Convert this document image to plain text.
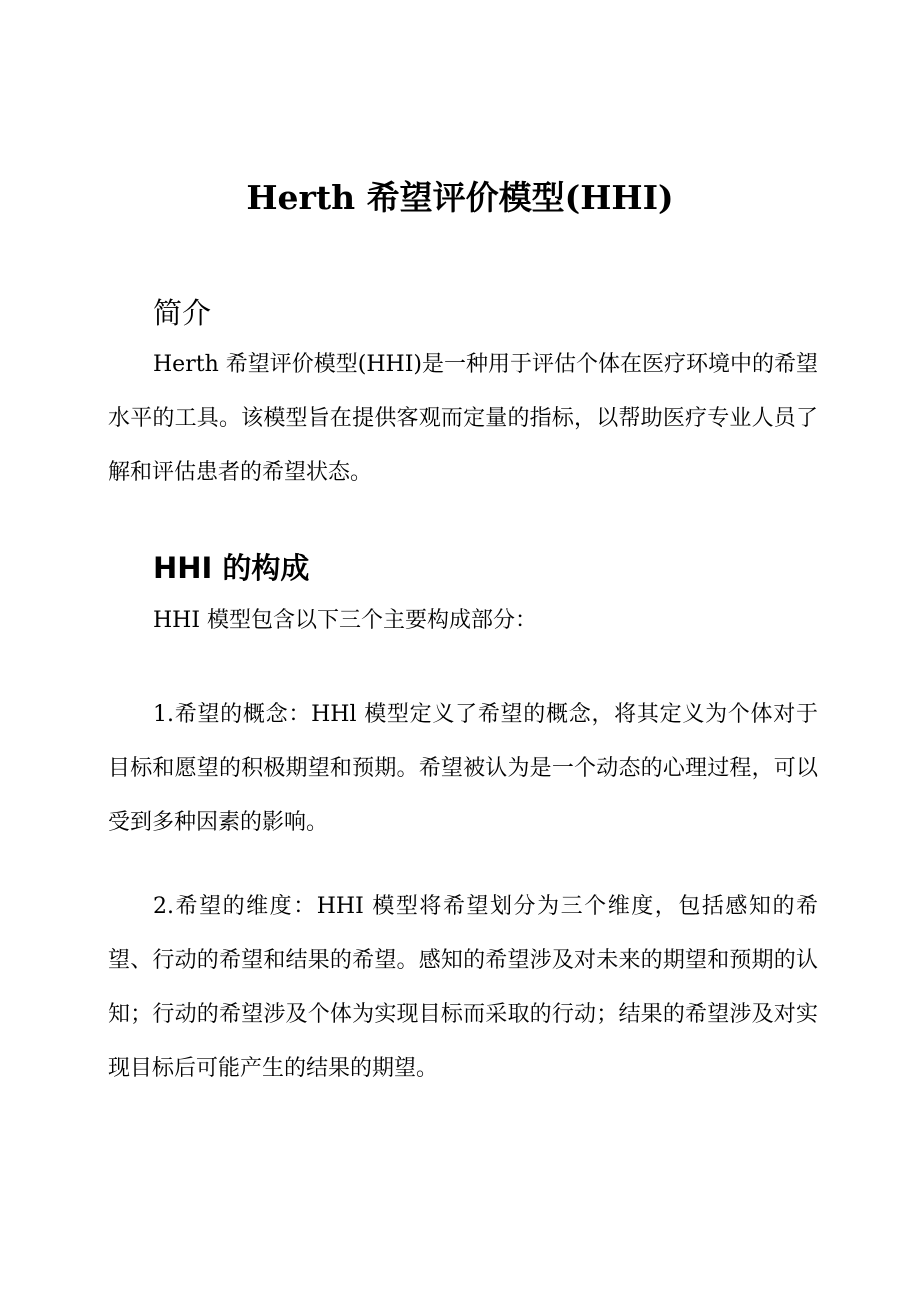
Herth 希望评价模型(HHI)
简介

Herth 希望评价模型(HHI)是一种用于评估个体在医疗环境中的希望水平的工具。该模型旨在提供客观而定量的指标，以帮助医疗专业人员了解和评估患者的希望状态。

HHI 的构成

HHI 模型包含以下三个主要构成部分：

1.希望的概念：HHl 模型定义了希望的概念，将其定义为个体对于目标和愿望的积极期望和预期。希望被认为是一个动态的心理过程，可以受到多种因素的影响。

2.希望的维度：HHI 模型将希望划分为三个维度，包括感知的希望、行动的希望和结果的希望。感知的希望涉及对未来的期望和预期的认知；行动的希望涉及个体为实现目标而采取的行动；结果的希望涉及对实现目标后可能产生的结果的期望。
